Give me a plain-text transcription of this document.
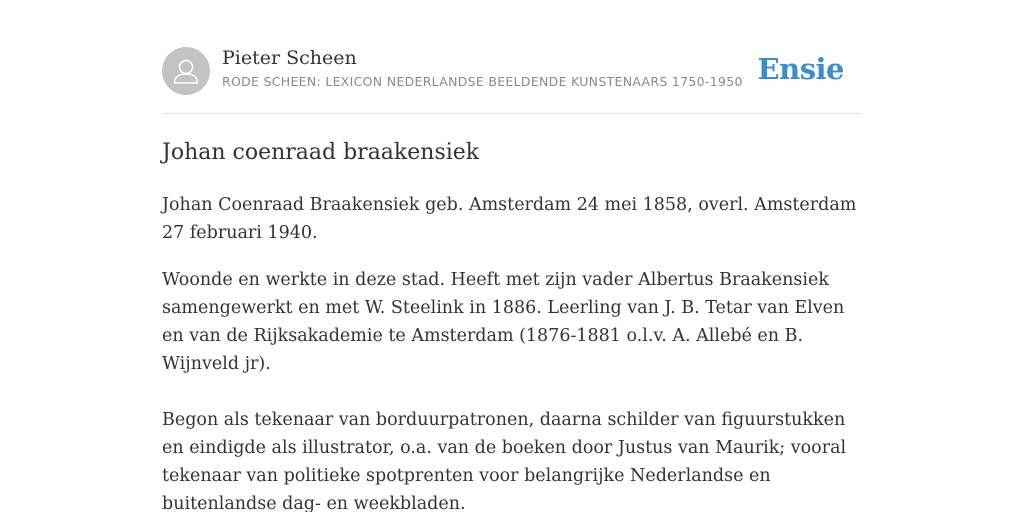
Pieter Scheen
RODE SCHEEN: LEXICON NEDERLANDSE BEELDENDE KUNSTENAARS 1750-1950 Ensie
Johan coenraad braakensiek

Johan Coenraad Braakensiek geb. Amsterdam 24 mei 1858, overl. Amsterdam 27 februari 1940.

Woonde en werkte in deze stad. Heeft met zijn vader Albertus Braakensiek samengewerkt en met W. Steelink in 1886. Leerling van J. B. Tetar van Elven en van de Rijksakademie te Amsterdam (1876-1881 o.l.v. A. Allebé en B. Wijnveld jr).

Begon als tekenaar van borduurpatronen, daarna schilder van figuurstukken en eindigde als illustrator, o.a. van de boeken door Justus van Maurik; vooral tekenaar van politieke spotprenten voor belangrijke Nederlandse en buitenlandse dag- en weekbladen.
